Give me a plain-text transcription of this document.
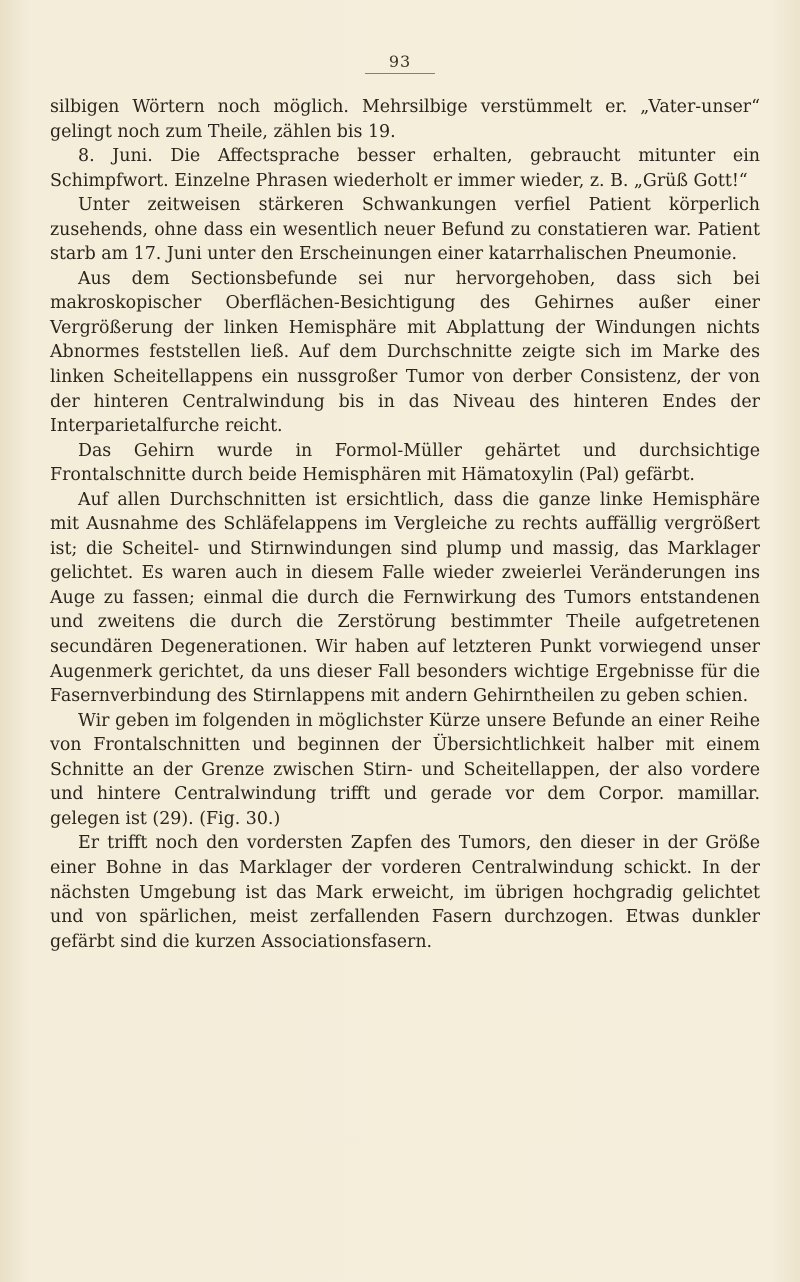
93

silbigen Wörtern noch möglich. Mehrsilbige verstümmelt er. „Vater-unser“ gelingt noch zum Theile, zählen bis 19.

8. Juni. Die Affectsprache besser erhalten, gebraucht mitunter ein Schimpfwort. Einzelne Phrasen wiederholt er immer wieder, z. B. „Grüß Gott!“

Unter zeitweisen stärkeren Schwankungen verfiel Patient körperlich zusehends, ohne dass ein wesentlich neuer Befund zu constatieren war. Patient starb am 17. Juni unter den Erscheinungen einer katarrhalischen Pneumonie.

Aus dem Sectionsbefunde sei nur hervorgehoben, dass sich bei makroskopischer Oberflächen-Besichtigung des Gehirnes außer einer Vergrößerung der linken Hemisphäre mit Abplattung der Windungen nichts Abnormes feststellen ließ. Auf dem Durchschnitte zeigte sich im Marke des linken Scheitellappens ein nussgroßer Tumor von derber Consistenz, der von der hinteren Centralwindung bis in das Niveau des hinteren Endes der Interparietalfurche reicht.

Das Gehirn wurde in Formol-Müller gehärtet und durchsichtige Frontalschnitte durch beide Hemisphären mit Hämatoxylin (Pal) gefärbt.

Auf allen Durchschnitten ist ersichtlich, dass die ganze linke Hemisphäre mit Ausnahme des Schläfelappens im Vergleiche zu rechts auffällig vergrößert ist; die Scheitel- und Stirnwindungen sind plump und massig, das Marklager gelichtet. Es waren auch in diesem Falle wieder zweierlei Veränderungen ins Auge zu fassen; einmal die durch die Fernwirkung des Tumors entstandenen und zweitens die durch die Zerstörung bestimmter Theile aufgetretenen secundären Degenerationen. Wir haben auf letzteren Punkt vorwiegend unser Augenmerk gerichtet, da uns dieser Fall besonders wichtige Ergebnisse für die Fasernverbindung des Stirnlappens mit andern Gehirntheilen zu geben schien.

Wir geben im folgenden in möglichster Kürze unsere Befunde an einer Reihe von Frontalschnitten und beginnen der Übersichtlichkeit halber mit einem Schnitte an der Grenze zwischen Stirn- und Scheitellappen, der also vordere und hintere Centralwindung trifft und gerade vor dem Corpor. mamillar. gelegen ist (29). (Fig. 30.)

Er trifft noch den vordersten Zapfen des Tumors, den dieser in der Größe einer Bohne in das Marklager der vorderen Centralwindung schickt. In der nächsten Umgebung ist das Mark erweicht, im übrigen hochgradig gelichtet und von spärlichen, meist zerfallenden Fasern durchzogen. Etwas dunkler gefärbt sind die kurzen Associationsfasern.
